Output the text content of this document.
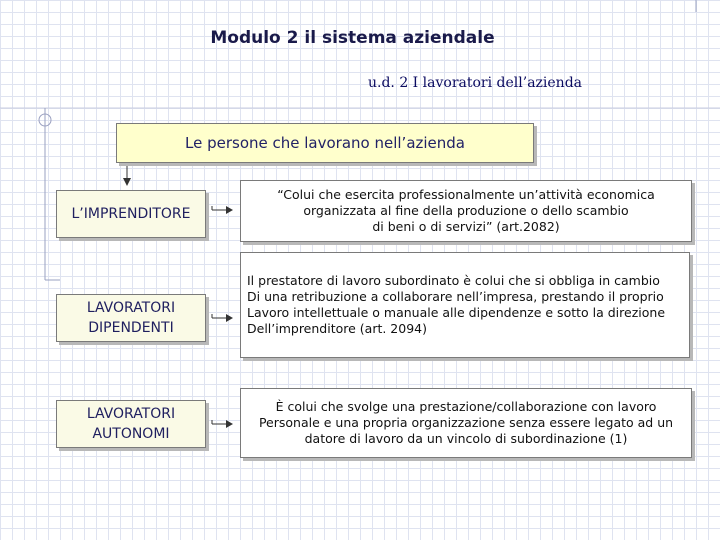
Modulo 2 il sistema aziendale
u.d. 2 I lavoratori dell’azienda
Le persone che lavorano nell’azienda
L’IMPRENDITORE
“Colui che esercita professionalmente un’attività economica
organizzata al fine della produzione o dello scambio
di beni o di servizi” (art.2082)
LAVORATORI
DIPENDENTI
Il prestatore di lavoro subordinato è colui che si obbliga in cambio
Di una retribuzione a collaborare nell’impresa, prestando il proprio
Lavoro intellettuale o manuale alle dipendenze e sotto la direzione
Dell’imprenditore (art. 2094)
LAVORATORI
AUTONOMI
È colui che svolge una prestazione/collaborazione con lavoro
Personale e una propria organizzazione senza essere legato ad un
datore di lavoro da un vincolo di subordinazione (1)
